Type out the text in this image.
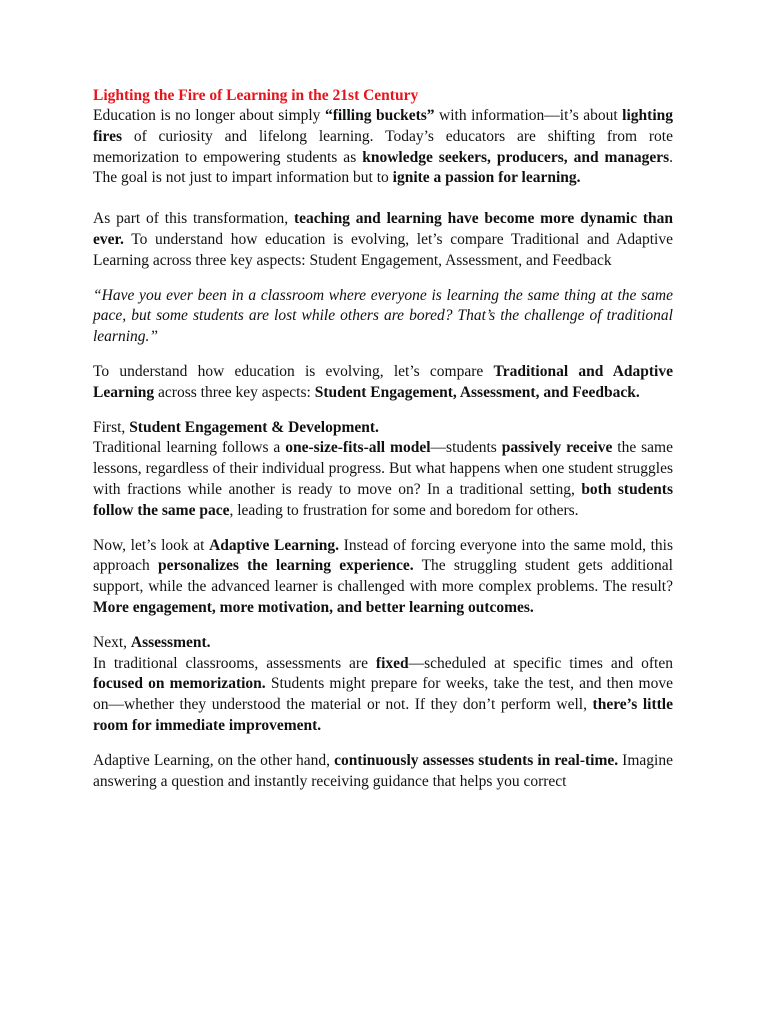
Lighting the Fire of Learning in the 21st Century

Education is no longer about simply “filling buckets” with information—it’s about lighting fires of curiosity and lifelong learning. Today’s educators are shifting from rote memorization to empowering students as knowledge seekers, producers, and managers. The goal is not just to impart information but to ignite a passion for learning.

As part of this transformation, teaching and learning have become more dynamic than ever. To understand how education is evolving, let’s compare Traditional and Adaptive Learning across three key aspects: Student Engagement, Assessment, and Feedback

“Have you ever been in a classroom where everyone is learning the same thing at the same pace, but some students are lost while others are bored? That’s the challenge of traditional learning.”

To understand how education is evolving, let’s compare Traditional and Adaptive Learning across three key aspects: Student Engagement, Assessment, and Feedback.

First, Student Engagement & Development.

Traditional learning follows a one-size-fits-all model—students passively receive the same lessons, regardless of their individual progress. But what happens when one student struggles with fractions while another is ready to move on? In a traditional setting, both students follow the same pace, leading to frustration for some and boredom for others.

Now, let’s look at Adaptive Learning. Instead of forcing everyone into the same mold, this approach personalizes the learning experience. The struggling student gets additional support, while the advanced learner is challenged with more complex problems. The result? More engagement, more motivation, and better learning outcomes.

Next, Assessment.

In traditional classrooms, assessments are fixed—scheduled at specific times and often focused on memorization. Students might prepare for weeks, take the test, and then move on—whether they understood the material or not. If they don’t perform well, there’s little room for immediate improvement.

Adaptive Learning, on the other hand, continuously assesses students in real-time. Imagine answering a question and instantly receiving guidance that helps you correct
